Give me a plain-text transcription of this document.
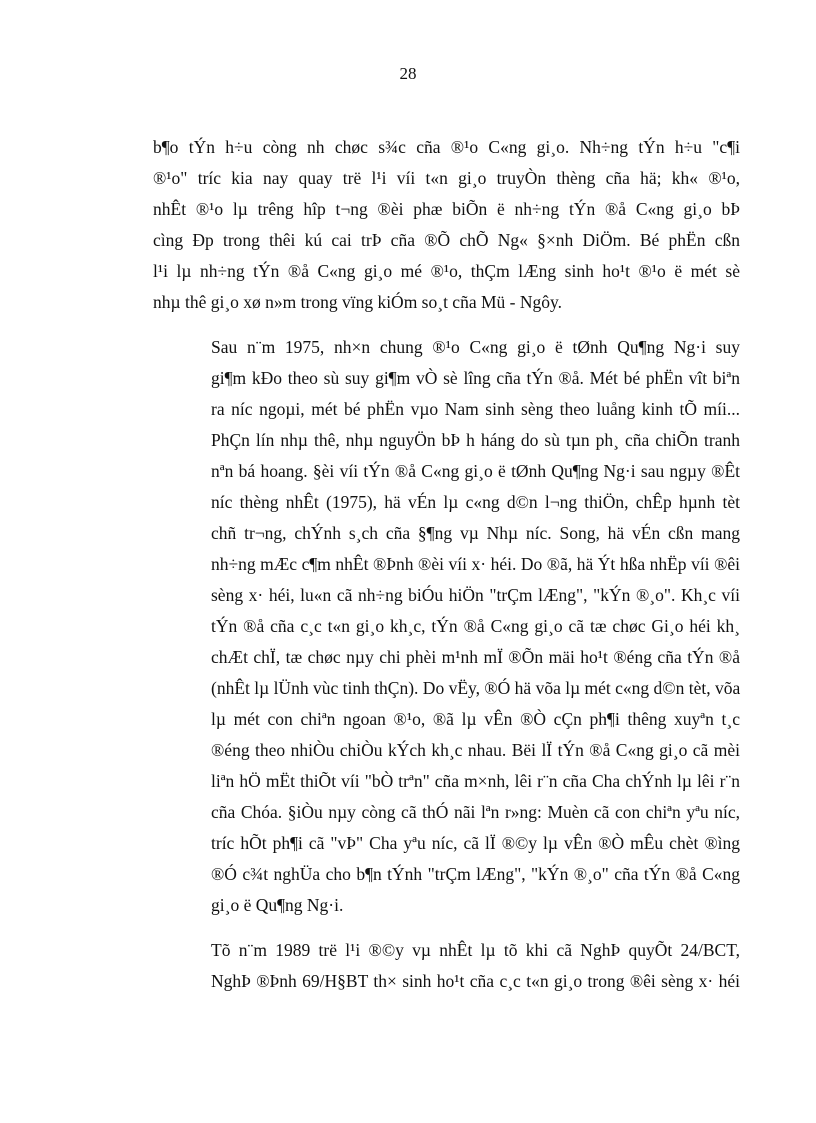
28

b¶o tÝn h÷u còng nh chøc s¾c cña ®¹o C«ng gi¸o. Nh÷ng tÝn h÷u "c¶i
®¹o" tríc kia nay quay trë l¹i víi t«n gi¸o truyÒn thèng cña hä; kh« ®¹o,
nhÊt ®¹o lµ trêng hîp t¬ng ®èi phæ biÕn ë nh÷ng tÝn ®å C«ng gi¸o bÞ
cìng Ðp trong thêi kú cai trÞ cña ®Õ chÕ Ng« §×nh DiÖm. Bé phËn cßn
l¹i lµ nh÷ng tÝn ®å C«ng gi¸o mé ®¹o, thÇm lÆng sinh ho¹t ®¹o ë mét sè
nhµ thê gi¸o xø n»m trong vïng kiÓm so¸t cña Mü - Ngôy.

Sau n¨m 1975, nh×n chung ®¹o C«ng gi¸o ë tØnh Qu¶ng Ng·i suy
gi¶m kÐo theo sù suy gi¶m vÒ sè lîng cña tÝn ®å. Mét bé phËn vît biªn
ra níc ngoµi, mét bé phËn vµo Nam sinh sèng theo luång kinh tÕ míi...
PhÇn lín nhµ thê, nhµ nguyÖn bÞ h háng do sù tµn ph¸ cña chiÕn tranh
nªn bá hoang. §èi víi tÝn ®å C«ng gi¸o ë tØnh Qu¶ng Ng·i sau ngµy ®Êt
níc thèng nhÊt (1975), hä vÉn lµ c«ng d©n l¬ng thiÖn, chÊp hµnh tèt
chñ tr¬ng, chÝnh s¸ch cña §¶ng vµ Nhµ níc. Song, hä vÉn cßn mang
nh÷ng mÆc c¶m nhÊt ®Þnh ®èi víi x· héi. Do ®ã, hä Ýt hßa nhËp víi ®êi
sèng x· héi, lu«n cã nh÷ng biÓu hiÖn "trÇm lÆng", "kÝn ®¸o". Kh¸c víi
tÝn ®å cña c¸c t«n gi¸o kh¸c, tÝn ®å C«ng gi¸o cã tæ chøc Gi¸o héi kh¸
chÆt chÏ, tæ chøc nµy chi phèi m¹nh mÏ ®Õn mäi ho¹t ®éng cña tÝn ®å
(nhÊt lµ lÜnh vùc tinh thÇn). Do vËy, ®Ó hä võa lµ mét c«ng d©n tèt, võa
lµ mét con chiªn ngoan ®¹o, ®ã lµ vÊn ®Ò cÇn ph¶i thêng xuyªn t¸c
®éng theo nhiÒu chiÒu kÝch kh¸c nhau. Bëi lÏ tÝn ®å C«ng gi¸o cã mèi
liªn hÖ mËt thiÕt víi "bÒ trªn" cña m×nh, lêi r¨n cña Cha chÝnh lµ lêi r¨n
cña Chóa. §iÒu nµy còng cã thÓ nãi lªn r»ng: Muèn cã con chiªn yªu níc,
tríc hÕt ph¶i cã "vÞ" Cha yªu níc, cã lÏ ®©y lµ vÊn ®Ò mÊu chèt ®ìng
®Ó c¾t nghÜa cho b¶n tÝnh "trÇm lÆng", "kÝn ®¸o" cña tÝn ®å C«ng
gi¸o ë Qu¶ng Ng·i.

Tõ n¨m 1989 trë l¹i ®©y vµ nhÊt lµ tõ khi cã NghÞ quyÕt 24/BCT,
NghÞ ®Þnh 69/H§BT th× sinh ho¹t cña c¸c t«n gi¸o trong ®êi sèng x· héi
